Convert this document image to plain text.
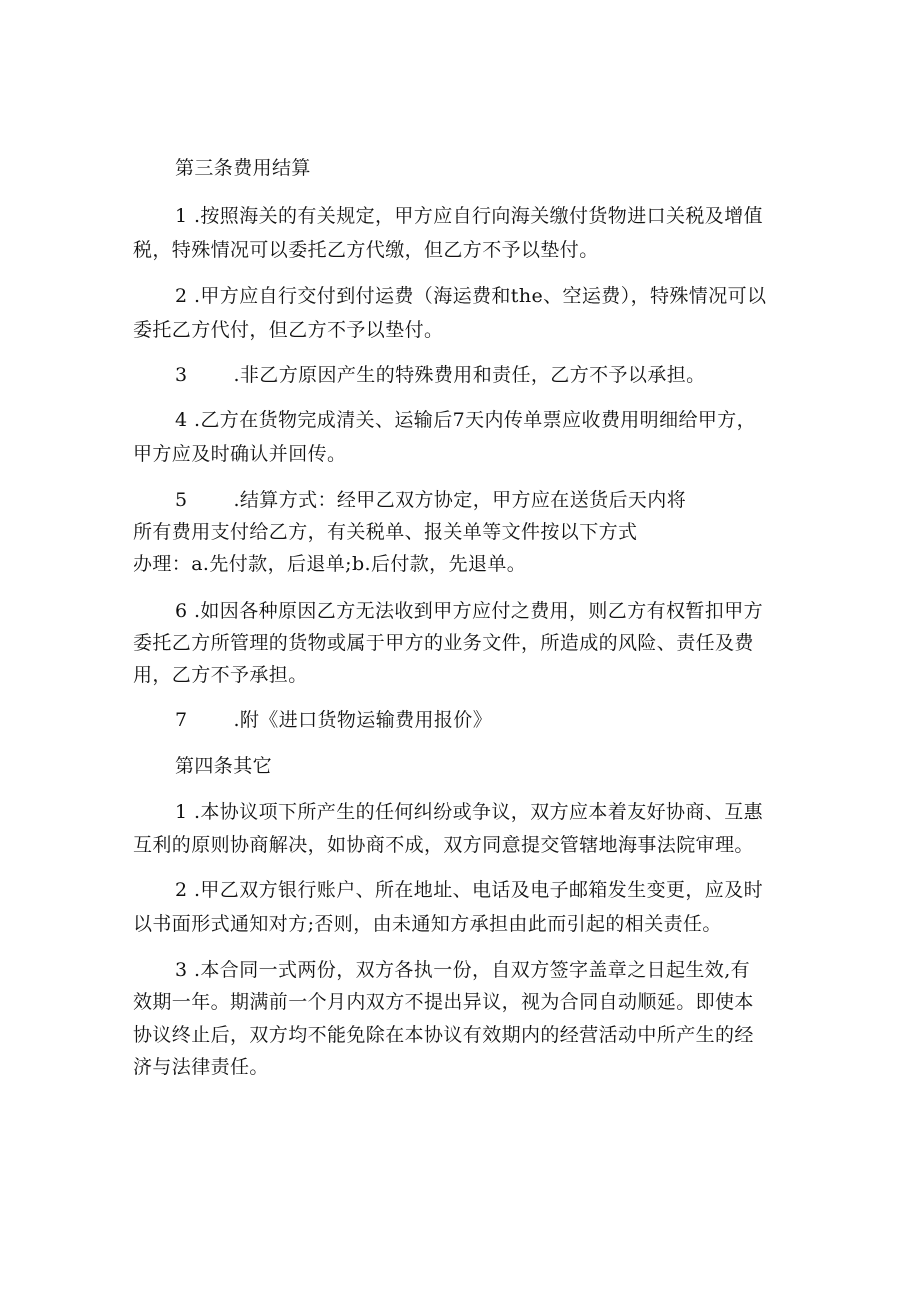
第三条费用结算
1 .按照海关的有关规定，甲方应自行向海关缴付货物进口关税及增值
税，特殊情况可以委托乙方代缴，但乙方不予以垫付。
2 .甲方应自行交付到付运费（海运费和the、空运费），特殊情况可以
委托乙方代付，但乙方不予以垫付。
3 .非乙方原因产生的特殊费用和责任，乙方不予以承担。
4 .乙方在货物完成清关、运输后7天内传单票应收费用明细给甲方，
甲方应及时确认并回传。
5 .结算方式：经甲乙双方协定，甲方应在送货后天内将
所有费用支付给乙方，有关税单、报关单等文件按以下方式
办理：a.先付款，后退单;b.后付款，先退单。
6 .如因各种原因乙方无法收到甲方应付之费用，则乙方有权暂扣甲方
委托乙方所管理的货物或属于甲方的业务文件，所造成的风险、责任及费
用，乙方不予承担。
7 .附《进口货物运输费用报价》
第四条其它
1 .本协议项下所产生的任何纠纷或争议，双方应本着友好协商、互惠
互利的原则协商解决，如协商不成，双方同意提交管辖地海事法院审理。
2 .甲乙双方银行账户、所在地址、电话及电子邮箱发生变更，应及时
以书面形式通知对方;否则，由未通知方承担由此而引起的相关责任。
3 .本合同一式两份，双方各执一份，自双方签字盖章之日起生效,有
效期一年。期满前一个月内双方不提出异议，视为合同自动顺延。即使本
协议终止后，双方均不能免除在本协议有效期内的经营活动中所产生的经
济与法律责任。
